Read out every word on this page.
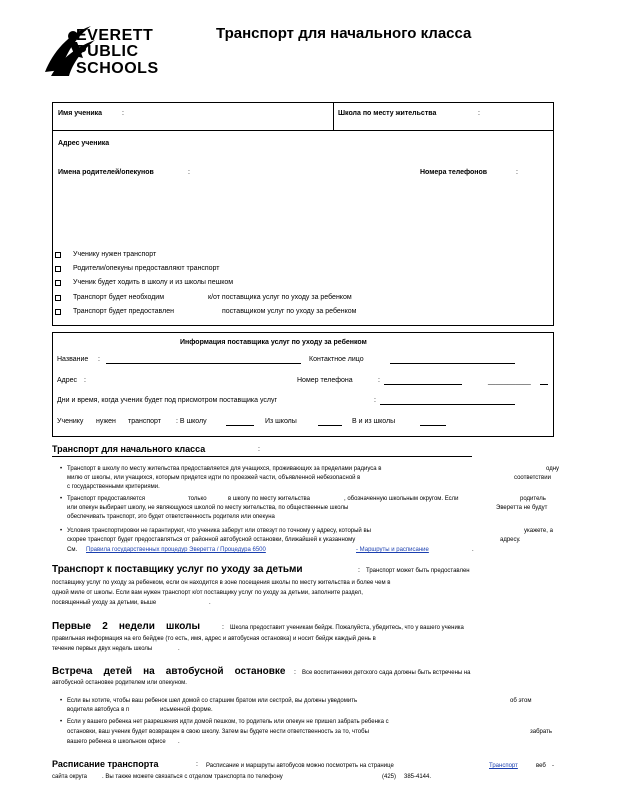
EVERETT
PUBLIC
SCHOOLS
Транспорт для начального класса
Имя ученика	:	Школа по месту жительства	:
Адрес ученика
Имена родителей/опекунов	:	Номера телефонов	:
Ученику нужен транспорт
Родители/опекуны предоставляют транспорт
Ученик будет ходить в школу и из школы пешком
Транспорт будет необходим	к/от поставщика услуг по уходу за ребенком
Транспорт будет предоставлен	поставщиком услуг по уходу за ребенком
Информация поставщика услуг по уходу за ребенком
Название :	Контактное лицо
Адрес :	Номер телефона	:	___________
Дни и время, когда ученик будет под присмотром поставщика услуг	:
Ученику нужен транспорт : В школу	Из школы	В и из школы
Транспорт для начального класса	:
• Транспорт в школу по месту жительства предоставляется для учащихся, проживающих за пределами радиуса в	одну
милю от школы, или учащихся, которым придется идти по проезжей части, объявленной небезопасной в	соответствии
с государственными критериями.
• Транспорт предоставляется	только	в школу по месту жительства	, обозначенную школьным округом. Если	родитель
или опекун выбирает школу, не являющуюся школой по месту жительства, по общественные школы	Эверетта не будут
обеспечивать транспорт, это будет ответственность родителя или опекуна
• Условия транспортировки не гарантируют, что ученика заберут или отвезут по точному у адресу, который вы	укажете, а
скорее транспорт будет предоставляться от районной автобусной остановки, ближайшей к указанному	адресу.
См. Правила государственных процедур Эверетта / Процедура 6500	- Маршруты и расписание	.
Транспорт к поставщику услуг по уходу за детьми	: Транспорт может быть предоставлен
поставщику услуг по уходу за ребенком, если он находится в зоне посещения школы по месту жительства и более чем в
одной миле от школы. Если вам нужен транспорт к/от поставщику услуг по уходу за детьми, заполните раздел,
посвященный уходу за детьми, выше	.
Первые    2    недели    школы	: Школа предоставит ученикам бейдж. Пожалуйста, убедитесь, что у вашего ученика
правильная информация на его бейдже (то есть, имя, адрес и автобусная остановка) и носит бейдж каждый день в
течение первых двух недель школы	.
Встреча    детей    на    автобусной    остановке : Все воспитанники детского сада должны быть встречены на
автобусной остановке родителем или опекуном.
• Если вы хотите, чтобы ваш ребенок шел домой со старшим братом или сестрой, вы должны уведомить	об этом
водителя автобуса в п	исьменной форме.
• Если у вашего ребенка нет разрешения идти домой пешком, то родитель или опекун не пришел забрать ребенка с
остановки, ваш ученик будет возвращен в свою школу. Затем вы будете нести ответственность за то, чтобы	забрать
вашего ребенка в школьном офисе .
Расписание транспорта	: Расписание и маршруты автобусов можно посмотреть на странице	Транспорт	веб -
сайта округа	. Вы также можете связаться с отделом транспорта по телефону	(425) 385-4144.
